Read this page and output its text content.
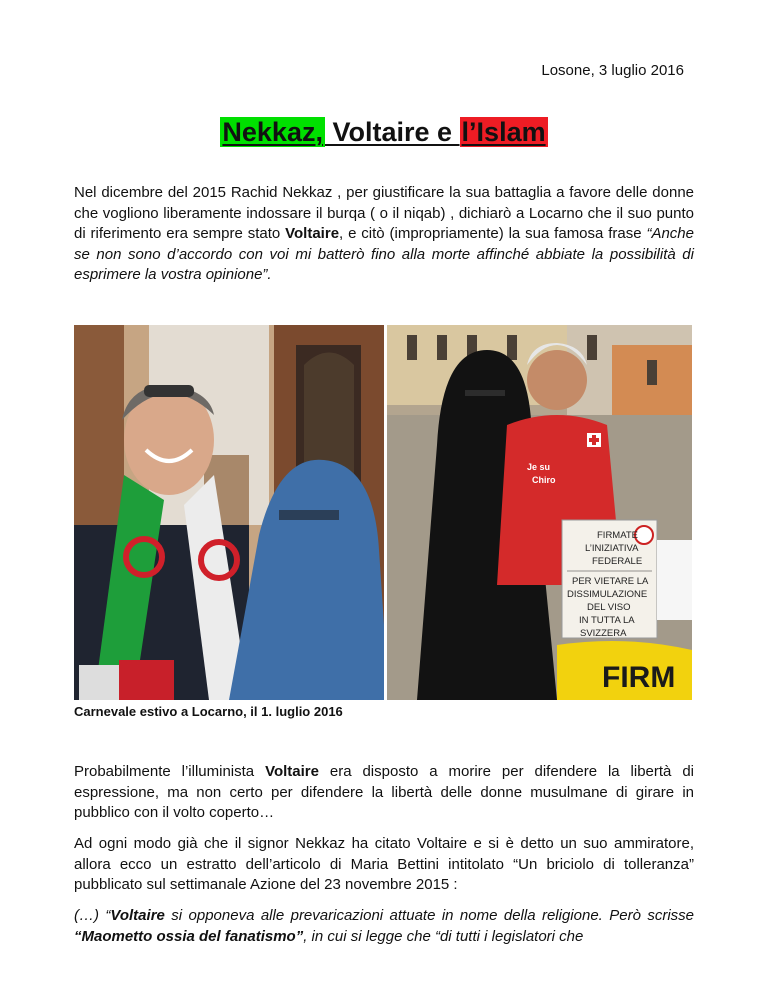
Losone, 3 luglio 2016
Nekkaz, Voltaire e l’Islam
Nel dicembre del 2015 Rachid Nekkaz , per giustificare la sua battaglia a favore delle donne che vogliono liberamente indossare il burqa ( o il niqab) , dichiarò a Locarno che il suo punto di riferimento era sempre stato Voltaire, e citò (impropriamente) la sua famosa frase “Anche se non sono d’accordo con voi mi batterò fino alla morte affinché abbiate la possibilità di esprimere la vostra opinione”.
Je su
Chiro
FIRMATE
L’INIZIATIVA
FEDERALE
PER VIETARE LA
DISSIMULAZIONE
DEL VISO
IN TUTTA LA
SVIZZERA
FIRM
Carnevale estivo a Locarno, il 1. luglio 2016
Probabilmente l’illuminista Voltaire era disposto a morire per difendere la libertà di espressione, ma non certo per difendere la libertà delle donne musulmane di girare in pubblico con il volto coperto…
Ad ogni modo già che il signor Nekkaz ha citato Voltaire e si è detto un suo ammiratore, allora ecco un estratto dell’articolo di Maria Bettini intitolato “Un briciolo di tolleranza” pubblicato sul settimanale Azione del 23 novembre 2015 :
(…) “Voltaire si opponeva alle prevaricazioni attuate in nome della religione. Però scrisse “Maometto ossia del fanatismo”, in cui si legge che “di tutti i legislatori che
